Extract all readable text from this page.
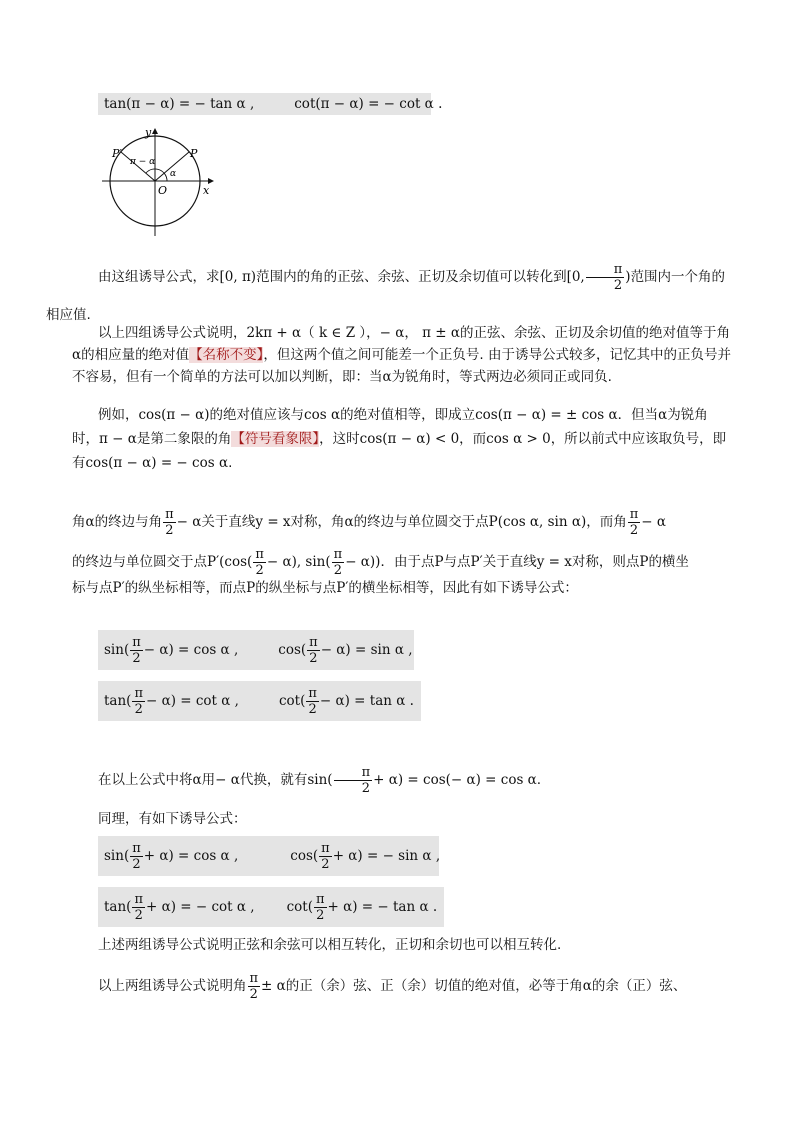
tan(π − α) = − tan α ,	cot(π − α) = − cot α .
y
x
O
P
P′
π − α
α
由这组诱导公式，求[0, π)范围内的角的正弦、余弦、正切及余切值可以转化到[0, $\frac{\pi}{2}$ )范围内一个角的
相应值.
以上四组诱导公式说明，2kπ + α（ k ∈ Z ），− α， π ± α的正弦、余弦、正切及余切值的绝对值等于角α的相应量的绝对值【名称不变】，但这两个值之间可能差一个正负号. 由于诱导公式较多，记忆其中的正负号并不容易，但有一个简单的方法可以加以判断，即：当α为锐角时，等式两边必须同正或同负.
例如，cos(π − α)的绝对值应该与cos α的绝对值相等，即成立cos(π − α) = ± cos α．但当α为锐角时，π − α是第二象限的角【符号看象限】，这时cos(π − α) < 0，而cos α > 0，所以前式中应该取负号，即有cos(π − α) = − cos α.
角α的终边与角 $\frac{\pi}{2} - \alpha$关于直线y = x对称，角α的终边与单位圆交于点P(cos α, sin α)，而角 $\frac{\pi}{2} - \alpha$
的终边与单位圆交于点$P'(\cos( \frac{\pi}{2} - \alpha)$, $\sin( \frac{\pi}{2} - \alpha)$)．由于点P与点P′关于直线y = x对称，则点P的横坐
标与点P′的纵坐标相等，而点P的纵坐标与点P′的横坐标相等，因此有如下诱导公式：
$\sin( \frac{\pi}{2} - \alpha) = \cos \alpha$ ,	$\cos( \frac{\pi}{2} - \alpha) = \sin \alpha$ ,
$\tan( \frac{\pi}{2} - \alpha) = \cot \alpha$ ,	$\cot( \frac{\pi}{2} - \alpha) = \tan \alpha$ .
在以上公式中将α用− α代换，就有$\sin( \frac{\pi}{2} + \alpha) = \cos(- \alpha) = \cos \alpha$.
同理，有如下诱导公式：
$\sin( \frac{\pi}{2} + \alpha) = \cos \alpha$ ,	$\cos( \frac{\pi}{2} + \alpha)$ = − sin α ,
$\tan( \frac{\pi}{2} + \alpha)$ = − cot α , $\cot( \frac{\pi}{2} + \alpha)$ = − tan α .
上述两组诱导公式说明正弦和余弦可以相互转化，正切和余切也可以相互转化.
以上两组诱导公式说明角 $\frac{\pi}{2} \pm \alpha$的正（余）弦、正（余）切值的绝对值，必等于角α的余（正）弦、
